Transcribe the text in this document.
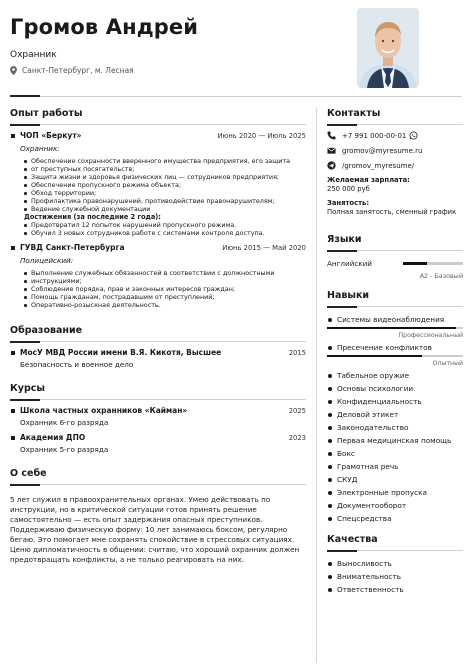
Громов Андрей
Охранник
Санкт-Петербург, м. Лесная
Опыт работы
ЧОП «Беркут»	Июнь 2020 — Июль 2025
Охранник:
Обеспечение сохранности вверенного имущества предприятия, его защита
от преступных посягательств;
Защита жизни и здоровья физических лиц — сотрудников предприятия;
Обеспечение пропускного режима объекта;
Обход территории;
Профилактика правонарушений, противодействие правонарушителям;
Ведение служебной документации
Достижения (за последние 2 года):
Предотвратил 12 попыток нарушений пропускного режима.
Обучил 3 новых сотрудников работе с системами контроля доступа.
ГУВД Санкт-Петербурга	Июнь 2015 — Май 2020
Полицейский:
Выполнение служебных обязанностей в соответствии с должностными
инструкциями;
Соблюдение порядка, прав и законных интересов граждан;
Помощь гражданам, пострадавшим от преступлений;
Оперативно-розыскная деятельность.
Образование
МосУ МВД России имени В.Я. Кикотя, Высшее	2015
Безопасность и военное дело
Курсы
Школа частных охранников «Кайман»	2025
Охранник 6-го разряда
Академия ДПО	2023
Охранник 5-го разряда
О себе
5 лет служил в правоохранительных органах. Умею действовать по инструкции, но в критической ситуации готов принять решение самостоятельно — есть опыт задержания опасных преступников. Поддерживаю физическую форму: 10 лет занимаюсь боксом, регулярно бегаю. Это помогает мне сохранять спокойствие в стрессовых ситуациях. Ценю дипломатичность в общении: считаю, что хороший охранник должен предотвращать конфликты, а не только реагировать на них.
Контакты
+7 991 000-00-01
gromov@myresume.ru
/gromov_myresume/
Желаемая зарплата:
250 000 руб
Занятость:
Полная занятость, сменный график
Языки
Английский
A2 - Базовый
Навыки
Системы видеонаблюдения
Профессиональный
Пресечение конфликтов
Опытный
Табельное оружие
Основы психологии
Конфиденциальность
Деловой этикет
Законодательство
Первая медицинская помощь
Бокс
Грамотная речь
СКУД
Электронные пропуска
Документооборот
Спецсредства
Качества
Выносливость
Внимательность
Ответственность
